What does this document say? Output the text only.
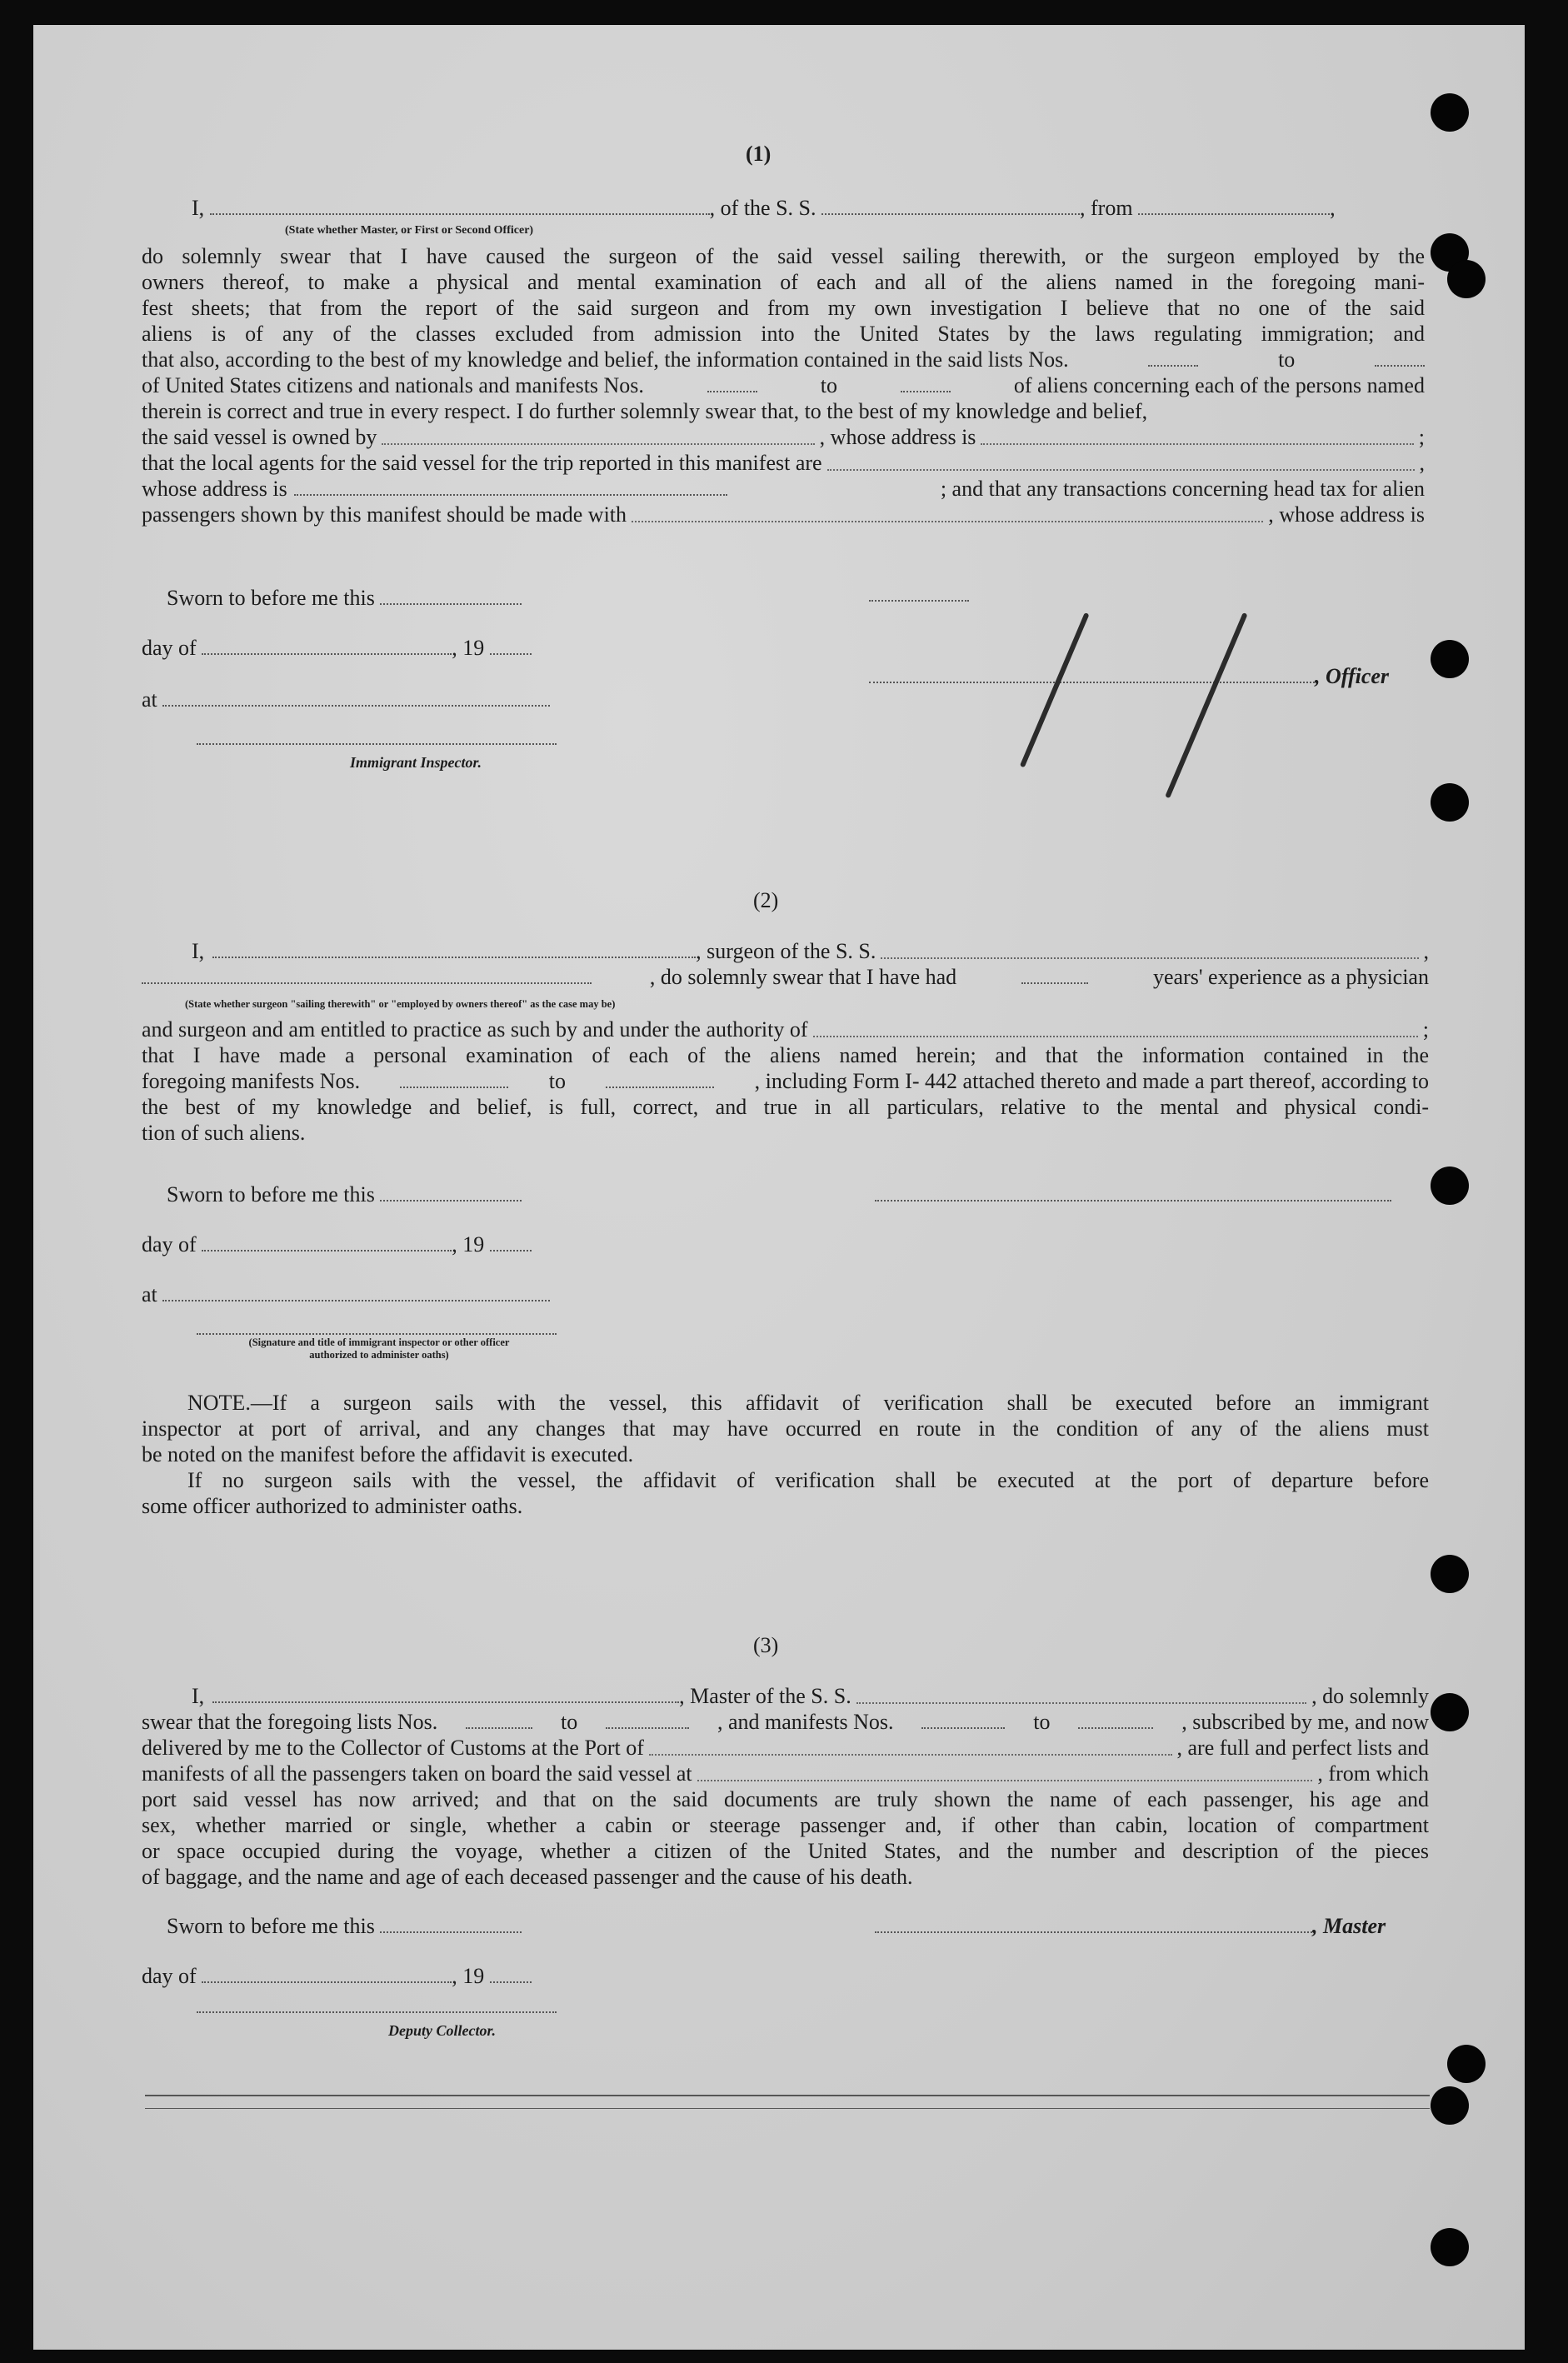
(1)
I,	, of the S. S.	, from	,
(State whether Master, or First or Second Officer)

do solemnly swear that I have caused the surgeon of the said vessel sailing therewith, or the surgeon employed by the

owners thereof, to make a physical and mental examination of each and all of the aliens named in the foregoing mani-

fest sheets; that from the report of the said surgeon and from my own investigation I believe that no one of the said

aliens is of any of the classes excluded from admission into the United States by the laws regulating immigration; and

that also, according to the best of my knowledge and belief, the information contained in the said lists Nos.	to
of United States citizens and nationals and manifests Nos.	to	of aliens concerning each of the persons named
therein is correct and true in every respect. I do further solemnly swear that, to the best of my knowledge and belief,
the said vessel is owned by	, whose address is	;
that the local agents for the said vessel for the trip reported in this manifest are	,
whose address is	; and that any transactions concerning head tax for alien
passengers shown by this manifest should be made with	, whose address is
Sworn to before me this
day of	, 19
, Officer
at
Immigrant Inspector.
(2)
I,	, surgeon of the S. S.	,
, do solemnly swear that I have had	years' experience as a physician
(State whether surgeon "sailing therewith" or "employed by owners thereof" as the case may be)
and surgeon and am entitled to practice as such by and under the authority of	;
that I have made a personal examination of each of the aliens named herein; and that the information contained in the
foregoing manifests Nos.	to	, including Form I- 442 attached thereto and made a part thereof, according to
the best of my knowledge and belief, is full, correct, and true in all particulars, relative to the mental and physical condi-
tion of such aliens.
Sworn to before me this
day of	, 19
at
(Signature and title of immigrant inspector or other officer authorized to administer oaths)
NOTE.—If a surgeon sails with the vessel, this affidavit of verification shall be executed before an immigrant
inspector at port of arrival, and any changes that may have occurred en route in the condition of any of the aliens must
be noted on the manifest before the affidavit is executed.
If no surgeon sails with the vessel, the affidavit of verification shall be executed at the port of departure before
some officer authorized to administer oaths.
(3)
I,	, Master of the S. S.	, do solemnly
swear that the foregoing lists Nos.	to	, and manifests Nos.	to	, subscribed by me, and now
delivered by me to the Collector of Customs at the Port of	, are full and perfect lists and
manifests of all the passengers taken on board the said vessel at	, from which
port said vessel has now arrived; and that on the said documents are truly shown the name of each passenger, his age and
sex, whether married or single, whether a cabin or steerage passenger and, if other than cabin, location of compartment
or space occupied during the voyage, whether a citizen of the United States, and the number and description of the pieces
of baggage, and the name and age of each deceased passenger and the cause of his death.
Sworn to before me this	, Master
day of	, 19
Deputy Collector.
